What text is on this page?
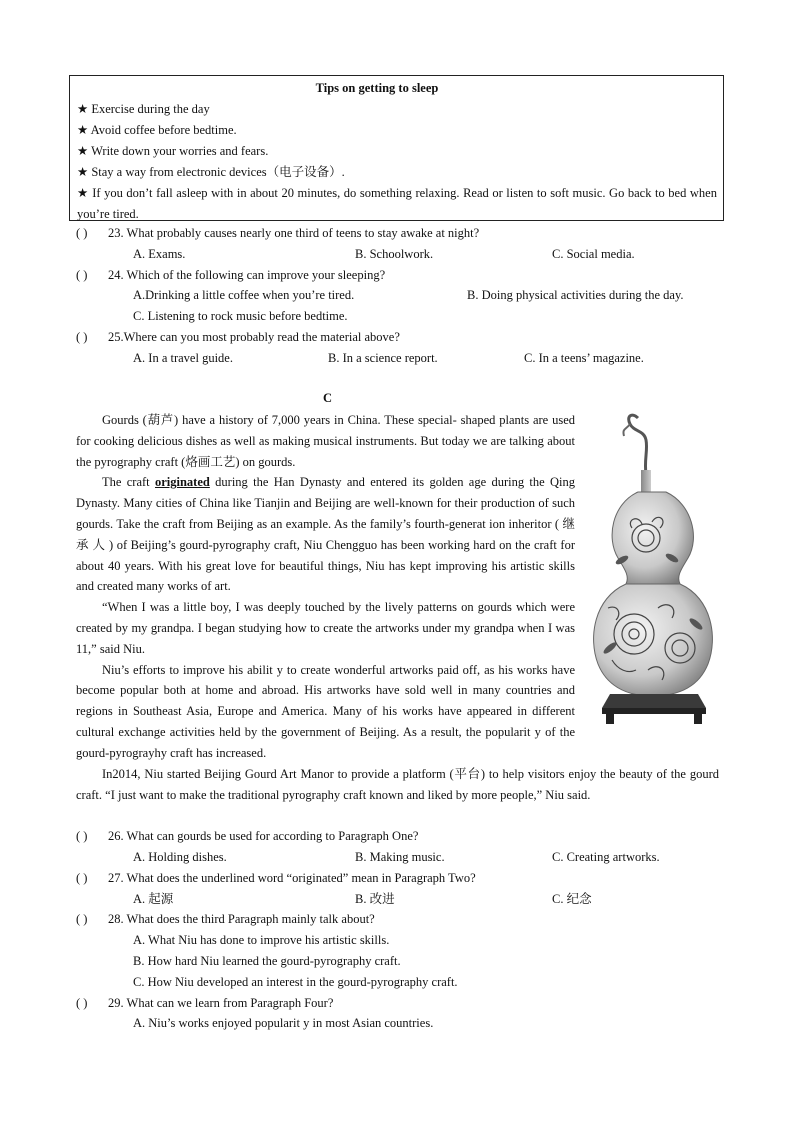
Tips on getting to sleep
★ Exercise during the day
★ Avoid coffee before bedtime.
★ Write down your worries and fears.
★ Stay a way from electronic devices（电子设备）.
★ If you don’t fall asleep with in about 20 minutes, do something relaxing. Read or listen to soft music. Go back to bed when you’re tired.
( ) 23. What probably causes nearly one third of teens to stay awake at night?
A. Exams.	B. Schoolwork.	C. Social media.
( ) 24. Which of the following can improve your sleeping?
A.Drinking a little coffee when you’re tired.	B. Doing physical activities during the day.
C. Listening to rock music before bedtime.
( ) 25.Where can you most probably read the material above?
A. In a travel guide.	B. In a science report.	C. In a teens’ magazine.
C

Gourds (葫芦) have a history of 7,000 years in China. These special- shaped plants are used for cooking delicious dishes as well as making musical instruments. But today we are talking about the pyrography craft (烙画工艺) on gourds.

The craft originated during the Han Dynasty and entered its golden age during the Qing Dynasty. Many cities of China like Tianjin and Beijing are well-known for their production of such gourds. Take the craft from Beijing as an example. As the family’s fourth-generat ion inheritor ( 继 承 人 ) of Beijing’s gourd-pyrography craft, Niu Chengguo has been working hard on the craft for about 40 years. With his great love for beautiful things, Niu has kept improving his artistic skills and created many works of art.

“When I was a little boy, I was deeply touched by the lively patterns on gourds which were created by my grandpa. I began studying how to create the artworks under my grandpa when I was 11,” said Niu.

Niu’s efforts to improve his abilit y to create wonderful artworks paid off, as his works have become popular both at home and abroad. His artworks have sold well in many countries and regions in Southeast Asia, Europe and America. Many of his works have appeared in different cultural exchange activities held by the government of Beijing. As a result, the popularit y of the gourd-pyrograyhy craft has increased.

In2014, Niu started Beijing Gourd Art Manor to provide a platform (平台) to help visitors enjoy the beauty of the gourd craft. “I just want to make the traditional pyrography craft known and liked by more people,” Niu said.

( ) 26. What can gourds be used for according to Paragraph One?
A. Holding dishes.	B. Making music.	C. Creating artworks.
( ) 27. What does the underlined word “originated” mean in Paragraph Two?
A. 起源	B. 改进	C. 纪念
( ) 28. What does the third Paragraph mainly talk about?
A. What Niu has done to improve his artistic skills.
B. How hard Niu learned the gourd-pyrography craft.
C. How Niu developed an interest in the gourd-pyrography craft.
( ) 29. What can we learn from Paragraph Four?
A. Niu’s works enjoyed popularit y in most Asian countries.
